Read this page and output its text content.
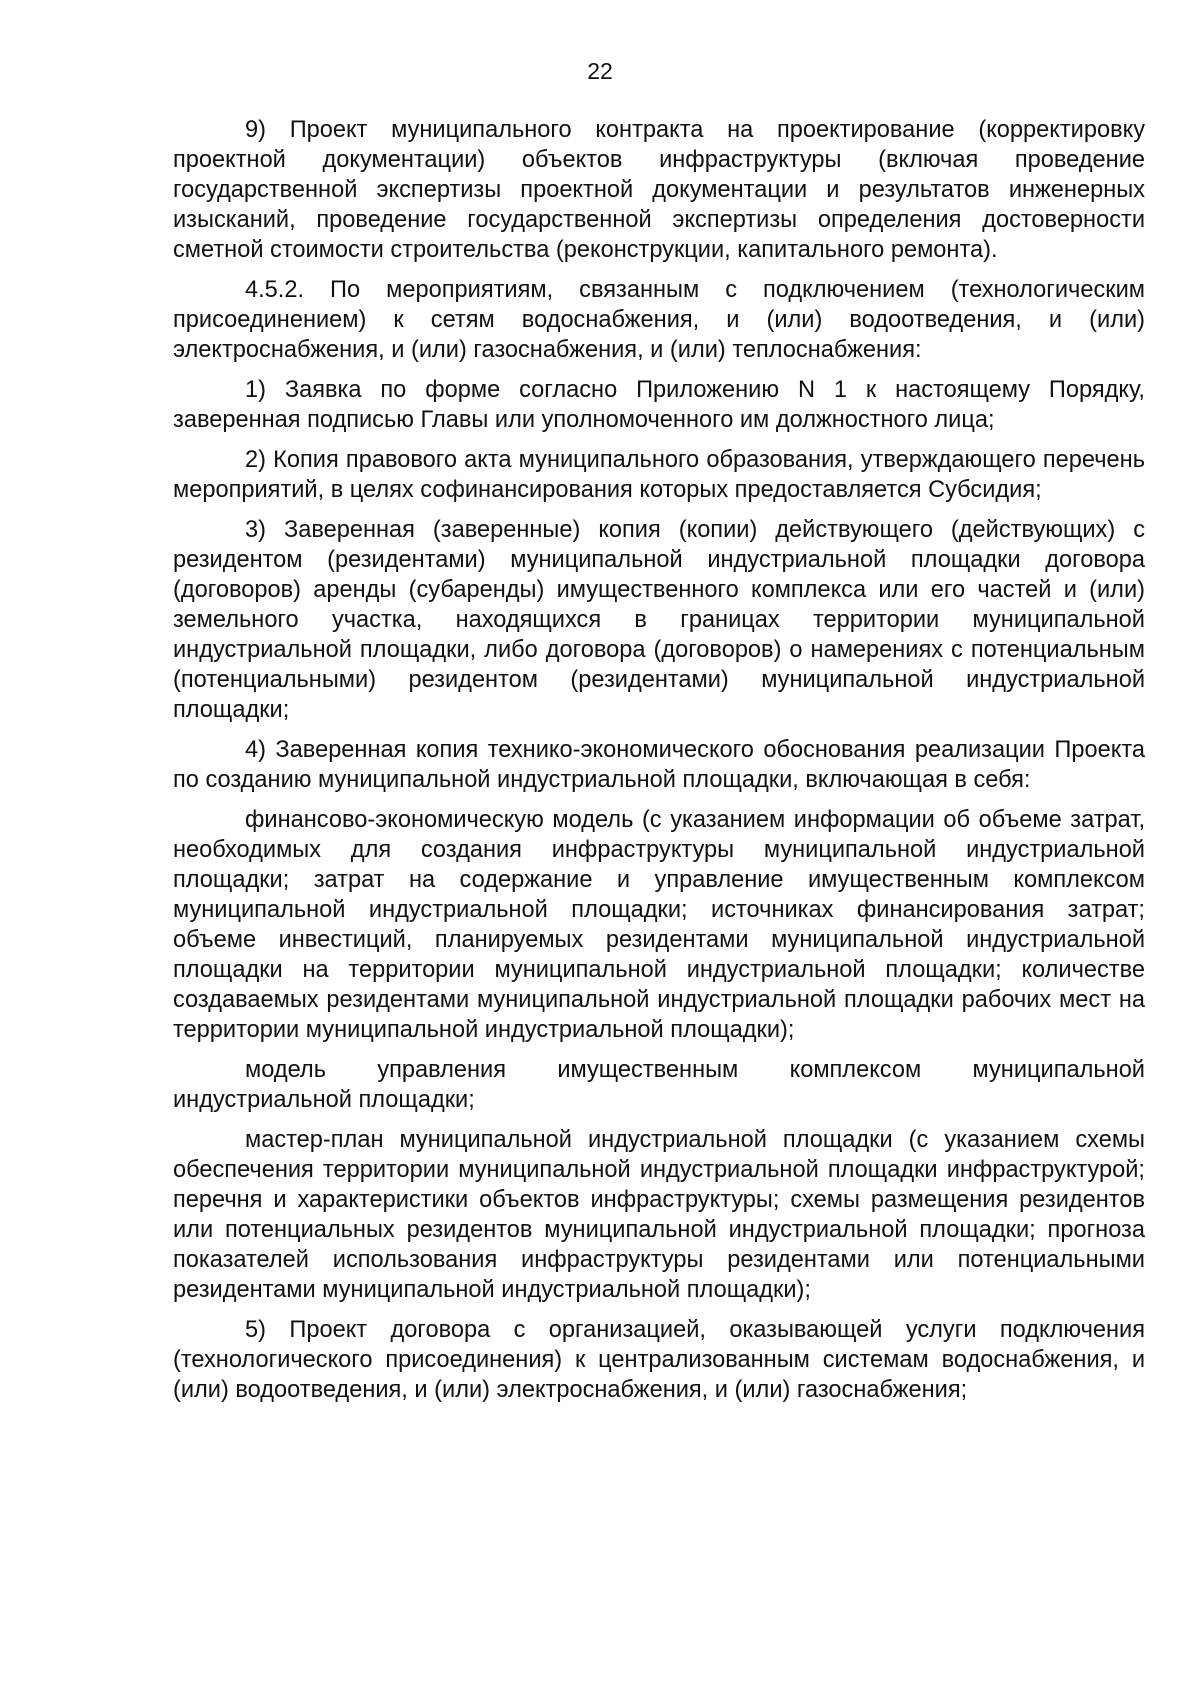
22

9) Проект муниципального контракта на проектирование (корректировку проектной документации) объектов инфраструктуры (включая проведение государственной экспертизы проектной документации и результатов инженерных изысканий, проведение государственной экспертизы определения достоверности сметной стоимости строительства (реконструкции, капитального ремонта).

4.5.2. По мероприятиям, связанным с подключением (технологическим присоединением) к сетям водоснабжения, и (или) водоотведения, и (или) электроснабжения, и (или) газоснабжения, и (или) теплоснабжения:

1) Заявка по форме согласно Приложению N 1 к настоящему Порядку, заверенная подписью Главы или уполномоченного им должностного лица;

2) Копия правового акта муниципального образования, утверждающего перечень мероприятий, в целях софинансирования которых предоставляется Субсидия;

3) Заверенная (заверенные) копия (копии) действующего (действующих) с резидентом (резидентами) муниципальной индустриальной площадки договора (договоров) аренды (субаренды) имущественного комплекса или его частей и (или) земельного участка, находящихся в границах территории муниципальной индустриальной площадки, либо договора (договоров) о намерениях с потенциальным (потенциальными) резидентом (резидентами) муниципальной индустриальной площадки;

4) Заверенная копия технико-экономического обоснования реализации Проекта по созданию муниципальной индустриальной площадки, включающая в себя:

финансово-экономическую модель (с указанием информации об объеме затрат, необходимых для создания инфраструктуры муниципальной индустриальной площадки; затрат на содержание и управление имущественным комплексом муниципальной индустриальной площадки; источниках финансирования затрат; объеме инвестиций, планируемых резидентами муниципальной индустриальной площадки на территории муниципальной индустриальной площадки; количестве создаваемых резидентами муниципальной индустриальной площадки рабочих мест на территории муниципальной индустриальной площадки);

модель управления имущественным комплексом муниципальной индустриальной площадки;

мастер-план муниципальной индустриальной площадки (с указанием схемы обеспечения территории муниципальной индустриальной площадки инфраструктурой; перечня и характеристики объектов инфраструктуры; схемы размещения резидентов или потенциальных резидентов муниципальной индустриальной площадки; прогноза показателей использования инфраструктуры резидентами или потенциальными резидентами муниципальной индустриальной площадки);

5) Проект договора с организацией, оказывающей услуги подключения (технологического присоединения) к централизованным системам водоснабжения, и (или) водоотведения, и (или) электроснабжения, и (или) газоснабжения;
